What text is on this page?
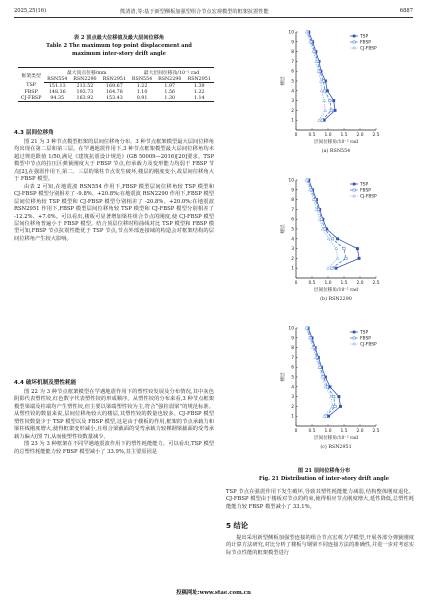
2025,25(16)	熊清清,等:基于新型侧板加强型组合节点宏观模型的框架抗震性能	6887
表 2 顶点最大位移值及最大层间位移角
Table 2 The maximum top point displacement and
maximum inter-story drift angle
框架类型	最大顶点位移/mm			最大层间位移角/10⁻² rad		
	RSN554	RSN2290	RSN2951	RSN554	RSN2290	RSN2951
TSP	151.13	213.52	169.67	1.22	1.97	1.39
FBSP	148.36	193.73	164.78	1.10	1.56	1.22
CJ-FBSP	94.35	163.92	153.43	0.91	1.30	1.14
4.3 层间位移角

图 21 为 3 种节点模型框架的层间位移角分布。3 种节点框架模型最大层间位移角均出现在第二层和第三层。在罕遇地震作用下,3 种节点框架模型最大层间位移角均未超过规范限值 1/50,满足《建筑抗震设计规范》(GB 50009—2016)[20]要求。TSP 模型中节点的拉压区弹簧刚度大于 FBSP 节点,但承载力及变形能力均弱于 FBSP 节点[2],在强震作用下,第二、三层的梁柱节点发生破坏,楼层的刚度变小,故层间位移角大于 FBSP 模型。

由表 2 可知,在地震波 RSN554 作用下,FBSP 模型层间位移角较 TSP 模型和 CJ-FBSP 模型分别相差了 -9.8%、+20.8%;在地震波 RSN2290 作用下,FBSP 模型层间位移角较 TSP 模型和 CJ-FBSP 模型分别相差了 -20.8%、+20.0%;在地震波 RSN2951 作用下,FBSP 模型层间位移角较 TSP 模型和 CJ-FBSP 模型分别相差了 -12.2%、+7.0%。可以看出,楼板可显著增加梁柱组合节点的刚度,使 CJ-FBSP 模型层间位移角普遍小于 FBSP 模型。结合顶层位移时程曲线对比 TSP 模型和 FBSP 模型可知,FBSP 节点抗震性能优于 TSP 节点,节点外部连接域的构造会对框架结构的层间位移角产生较大影响。

4.4 破坏机制及塑性耗能

图 22 为 3 种节点框架模型在罕遇地震作用下的塑性铰发展及分布情况,其中灰色阴影代表塑性铰,红色数字代表塑性铰的形成顺序。从塑性铰的分布来看,3 种节点框架模型梁端及柱端均产生塑性铰,但主要以梁端塑性铰为主,符合“强柱弱梁”的规范标准。从塑性铰的数量来说,层间位移角较大的楼层,其塑性铰的数量也较多。CJ-FBSP 模型塑性铰数量少于 TSP 模型以及 FBSP 模型,这是由于楼板的作用,框架的节点承载力和梁柱线刚度增大,使得框架变形减小,且组合梁截面的受弯承载力较裸钢梁截面的受弯承载力偏大(图 7),从而使塑性铰数量减少。

图 23 为 3 种框架在不同罕遇地震波作用下的塑性耗能能力。可以看出,TSP 模型的总塑性耗能能力较 FBSP 模型减小了 33.9%,其主要原因是

0	0.5 1.0 1.5 2.0 2.5
1
2
3
4
5
6
7
8
9
10
层间位移角/10⁻² rad
楼层
TSP
FBSP
CJ-FBSP
(a) RSN554
0	0.5 1.0 1.5 2.0 2.5
1
2
3
4
5
6
7
8
9
10
层间位移角/10⁻² rad
楼层
TSP
FBSP
CJ-FBSP
(b) RSN2290
0	0.5 1.0 1.5 2.0 2.5
1
2
3
4
5
6
7
8
9
10
层间位移角/10⁻² rad
楼层
TSP
FBSP
CJ-FBSP
(c) RSN2951
图 21 层间位移角分布
Fig. 21 Distribution of inter-story drift angle

TSP 节点在强震作用下发生破坏,导致其塑性耗能能力减弱,结构整体刚度退化。CJ-FBSP 模型由于楼板对节点的约束,使得相应节点刚度增大,延性降低,总塑性耗能能力较 FBSP 模型减小了 33.1%。

5 结论

提出采用新型侧板加强型连接的组合节点宏观力学模型,开展各部分弹簧刚度的计算方法研究,对比分析了楼板与钢梁不同连接方法的准确性,并进一步对考虑实际节点性能的框架模型进行

投稿网址:www.stae.com.cn
